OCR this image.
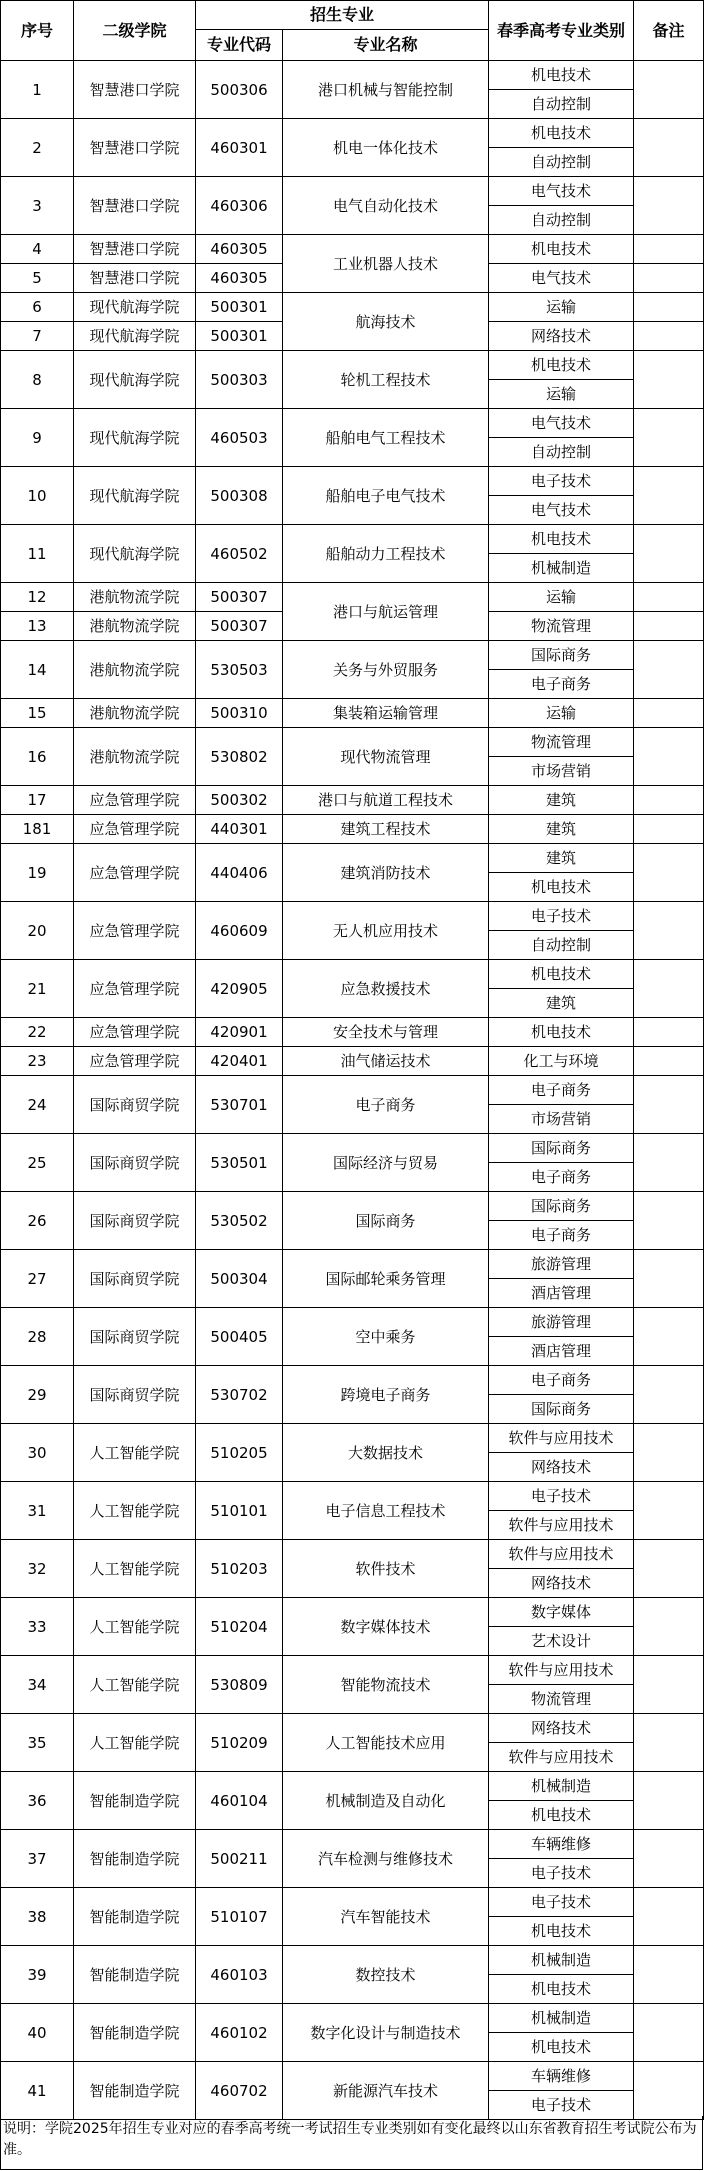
序号	二级学院	招生专业		春季高考专业类别	备注
		专业代码	专业名称		
1	智慧港口学院	500306	港口机械与智能控制	机电技术	
				自动控制	
2	智慧港口学院	460301	机电一体化技术	机电技术	
				自动控制	
3	智慧港口学院	460306	电气自动化技术	电气技术	
				自动控制	
4	智慧港口学院	460305	工业机器人技术	机电技术	
5	智慧港口学院	460305		电气技术	
6	现代航海学院	500301	航海技术	运输	
7	现代航海学院	500301		网络技术	
8	现代航海学院	500303	轮机工程技术	机电技术	
				运输	
9	现代航海学院	460503	船舶电气工程技术	电气技术	
				自动控制	
10	现代航海学院	500308	船舶电子电气技术	电子技术	
				电气技术	
11	现代航海学院	460502	船舶动力工程技术	机电技术	
				机械制造	
12	港航物流学院	500307	港口与航运管理	运输	
13	港航物流学院	500307		物流管理	
14	港航物流学院	530503	关务与外贸服务	国际商务	
				电子商务	
15	港航物流学院	500310	集装箱运输管理	运输	
16	港航物流学院	530802	现代物流管理	物流管理	
				市场营销	
17	应急管理学院	500302	港口与航道工程技术	建筑	
181	应急管理学院	440301	建筑工程技术	建筑	
19	应急管理学院	440406	建筑消防技术	建筑	
				机电技术	
20	应急管理学院	460609	无人机应用技术	电子技术	
				自动控制	
21	应急管理学院	420905	应急救援技术	机电技术	
				建筑	
22	应急管理学院	420901	安全技术与管理	机电技术	
23	应急管理学院	420401	油气储运技术	化工与环境	
24	国际商贸学院	530701	电子商务	电子商务	
				市场营销	
25	国际商贸学院	530501	国际经济与贸易	国际商务	
				电子商务	
26	国际商贸学院	530502	国际商务	国际商务	
				电子商务	
27	国际商贸学院	500304	国际邮轮乘务管理	旅游管理	
				酒店管理	
28	国际商贸学院	500405	空中乘务	旅游管理	
				酒店管理	
29	国际商贸学院	530702	跨境电子商务	电子商务	
				国际商务	
30	人工智能学院	510205	大数据技术	软件与应用技术	
				网络技术	
31	人工智能学院	510101	电子信息工程技术	电子技术	
				软件与应用技术	
32	人工智能学院	510203	软件技术	软件与应用技术	
				网络技术	
33	人工智能学院	510204	数字媒体技术	数字媒体	
				艺术设计	
34	人工智能学院	530809	智能物流技术	软件与应用技术	
				物流管理	
35	人工智能学院	510209	人工智能技术应用	网络技术	
				软件与应用技术	
36	智能制造学院	460104	机械制造及自动化	机械制造	
				机电技术	
37	智能制造学院	500211	汽车检测与维修技术	车辆维修	
				电子技术	
38	智能制造学院	510107	汽车智能技术	电子技术	
				机电技术	
39	智能制造学院	460103	数控技术	机械制造	
				机电技术	
40	智能制造学院	460102	数字化设计与制造技术	机械制造	
				机电技术	
41	智能制造学院	460702	新能源汽车技术	车辆维修	
				电子技术	
说明：学院2025年招生专业对应的春季高考统一考试招生专业类别如有变化最终以山东省教育招生考试院公布为准。
